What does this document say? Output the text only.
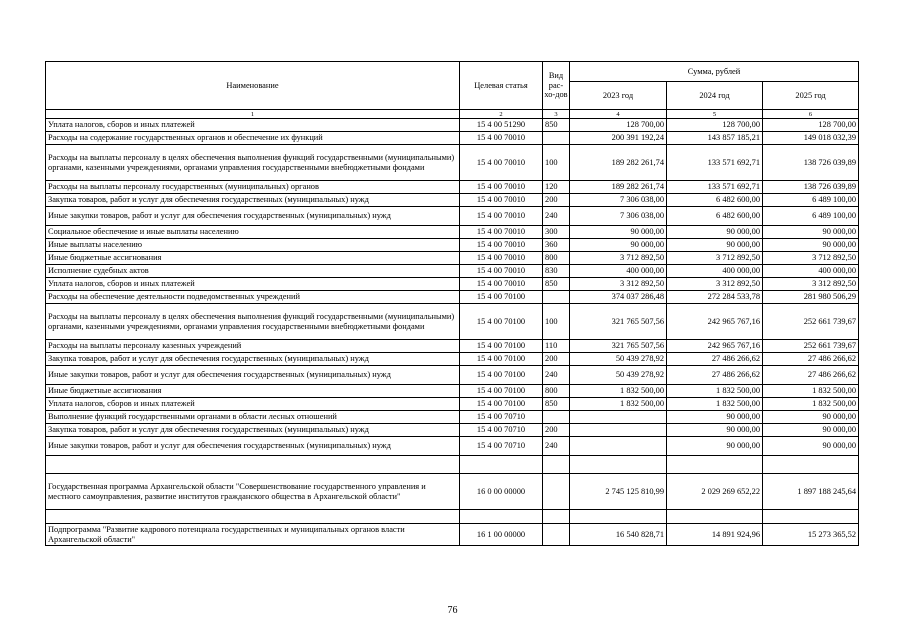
Наименование	Целевая статья	Вид рас-хо-дов	Сумма, рублей		
			2023 год	2024 год	2025 год
1	2	3	4	5	6
Уплата налогов, сборов и иных платежей	15 4 00 51290	850	128 700,00	128 700,00	128 700,00
Расходы на содержание государственных органов и обеспечение их функций	15 4 00 70010		200 391 192,24	143 857 185,21	149 018 032,39
Расходы на выплаты персоналу в целях обеспечения выполнения функций государственными (муниципальными) органами, казенными учреждениями, органами управления государственными внебюджетными фондами	15 4 00 70010	100	189 282 261,74	133 571 692,71	138 726 039,89
Расходы на выплаты персоналу государственных (муниципальных) органов	15 4 00 70010	120	189 282 261,74	133 571 692,71	138 726 039,89
Закупка товаров, работ и услуг для обеспечения государственных (муниципальных) нужд	15 4 00 70010	200	7 306 038,00	6 482 600,00	6 489 100,00
Иные закупки товаров, работ и услуг для обеспечения государственных (муниципальных) нужд	15 4 00 70010	240	7 306 038,00	6 482 600,00	6 489 100,00
Социальное обеспечение и иные выплаты населению	15 4 00 70010	300	90 000,00	90 000,00	90 000,00
Иные выплаты населению	15 4 00 70010	360	90 000,00	90 000,00	90 000,00
Иные бюджетные ассигнования	15 4 00 70010	800	3 712 892,50	3 712 892,50	3 712 892,50
Исполнение судебных актов	15 4 00 70010	830	400 000,00	400 000,00	400 000,00
Уплата налогов, сборов и иных платежей	15 4 00 70010	850	3 312 892,50	3 312 892,50	3 312 892,50
Расходы на обеспечение деятельности подведомственных учреждений	15 4 00 70100		374 037 286,48	272 284 533,78	281 980 506,29
Расходы на выплаты персоналу в целях обеспечения выполнения функций государственными (муниципальными) органами, казенными учреждениями, органами управления государственными внебюджетными фондами	15 4 00 70100	100	321 765 507,56	242 965 767,16	252 661 739,67
Расходы на выплаты персоналу казенных учреждений	15 4 00 70100	110	321 765 507,56	242 965 767,16	252 661 739,67
Закупка товаров, работ и услуг для обеспечения государственных (муниципальных) нужд	15 4 00 70100	200	50 439 278,92	27 486 266,62	27 486 266,62
Иные закупки товаров, работ и услуг для обеспечения государственных (муниципальных) нужд	15 4 00 70100	240	50 439 278,92	27 486 266,62	27 486 266,62
Иные бюджетные ассигнования	15 4 00 70100	800	1 832 500,00	1 832 500,00	1 832 500,00
Уплата налогов, сборов и иных платежей	15 4 00 70100	850	1 832 500,00	1 832 500,00	1 832 500,00
Выполнение функций государственными органами в области лесных отношений	15 4 00 70710			90 000,00	90 000,00
Закупка товаров, работ и услуг для обеспечения государственных (муниципальных) нужд	15 4 00 70710	200		90 000,00	90 000,00
Иные закупки товаров, работ и услуг для обеспечения государственных (муниципальных) нужд	15 4 00 70710	240		90 000,00	90 000,00

Государственная программа Архангельской области "Совершенствование государственного управления и местного самоуправления, развитие институтов гражданского общества в Архангельской области"	16 0 00 00000		2 745 125 810,99	2 029 269 652,22	1 897 188 245,64

Подпрограмма "Развитие кадрового потенциала государственных и муниципальных органов власти Архангельской области"	16 1 00 00000		16 540 828,71	14 891 924,96	15 273 365,52
76
